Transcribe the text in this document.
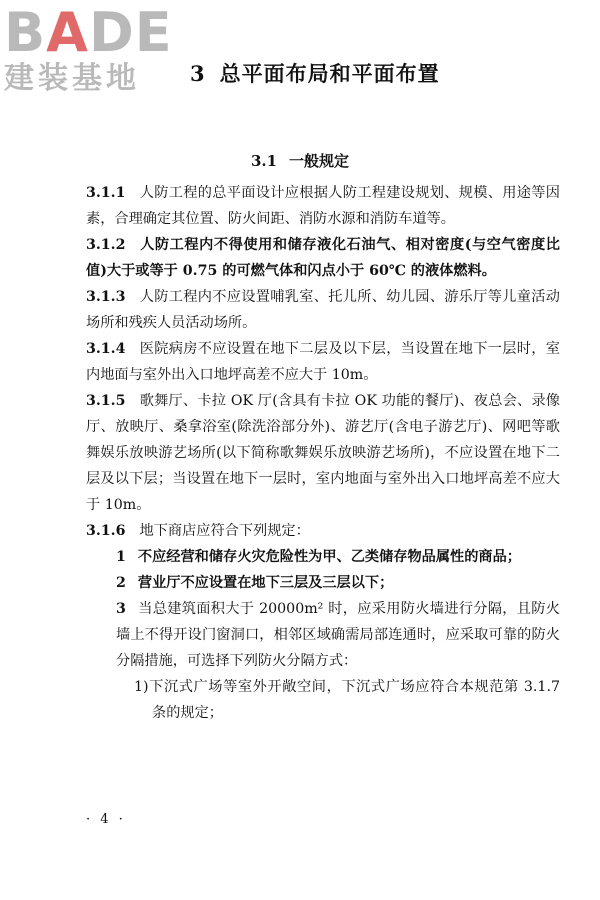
BADE
建装基地	3 总平面布局和平面布置
3.1 一般规定

3.1.1 人防工程的总平面设计应根据人防工程建设规划、规模、用途等因素，合理确定其位置、防火间距、消防水源和消防车道等。

3.1.2 人防工程内不得使用和储存液化石油气、相对密度(与空气密度比值)大于或等于 0.75 的可燃气体和闪点小于 60℃ 的液体燃料。

3.1.3 人防工程内不应设置哺乳室、托儿所、幼儿园、游乐厅等儿童活动场所和残疾人员活动场所。

3.1.4 医院病房不应设置在地下二层及以下层，当设置在地下一层时，室内地面与室外出入口地坪高差不应大于 10m。

3.1.5 歌舞厅、卡拉 OK 厅(含具有卡拉 OK 功能的餐厅)、夜总会、录像厅、放映厅、桑拿浴室(除洗浴部分外)、游艺厅(含电子游艺厅)、网吧等歌舞娱乐放映游艺场所(以下简称歌舞娱乐放映游艺场所)，不应设置在地下二层及以下层；当设置在地下一层时，室内地面与室外出入口地坪高差不应大于 10m。

3.1.6 地下商店应符合下列规定：

1 不应经营和储存火灾危险性为甲、乙类储存物品属性的商品；

2 营业厅不应设置在地下三层及三层以下；

3 当总建筑面积大于 20000m² 时，应采用防火墙进行分隔，且防火墙上不得开设门窗洞口，相邻区域确需局部连通时，应采取可靠的防火分隔措施，可选择下列防火分隔方式：

1)下沉式广场等室外开敞空间，下沉式广场应符合本规范第 3.1.7 条的规定；

· 4 ·
